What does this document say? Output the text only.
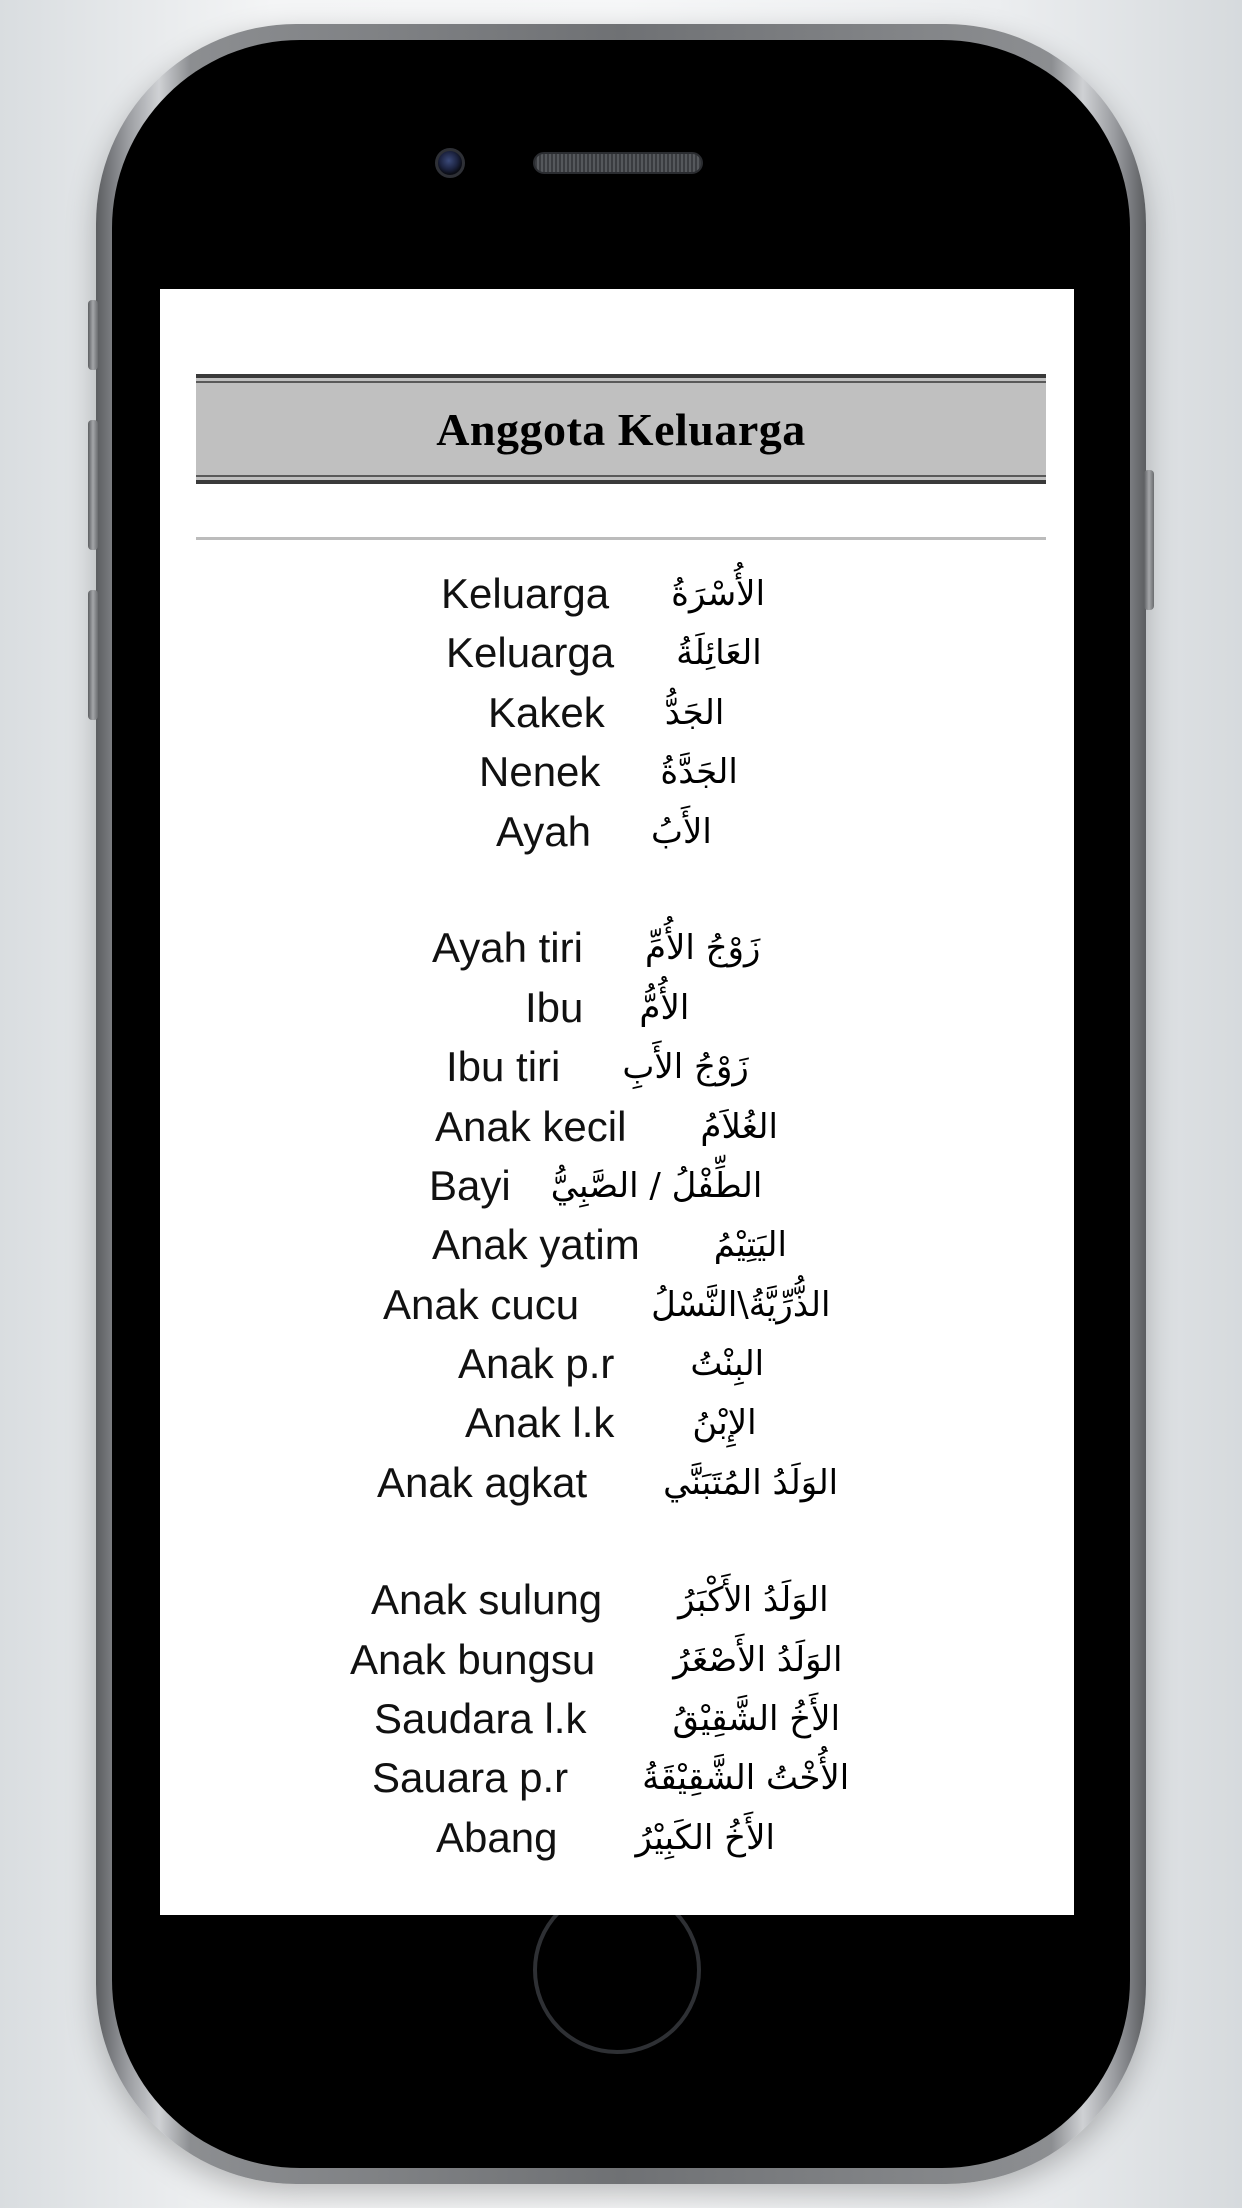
Anggota Keluarga
Keluarga الأُسْرَةُ
Keluarga العَائِلَةُ
Kakek الجَدُّ
Nenek الجَدَّةُ
Ayah الأَبُ
Ayah tiri زَوْجُ الأُمِّ
Ibu الأُمُّ
Ibu tiri زَوْجُ الأَبِ
Anak kecil الغُلاَمُ
Bayi الطِّفْلُ / الصَّبِيُّ
Anak yatim اليَتِيْمُ
Anak cucu الذُّرِّيَّةُ\النَّسْلُ
Anak p.r البِنْتُ
Anak l.k الإِبْنُ
Anak agkat الوَلَدُ المُتَبَنَّي
Anak sulung الوَلَدُ الأَكْبَرُ
Anak bungsu الوَلَدُ الأَصْغَرُ
Saudara l.k	الأَخُ الشَّقِيْقُ
Sauara p.r الأُخْتُ الشَّقِيْقَةُ
Abang الأَخُ الكَبِيْرُ
